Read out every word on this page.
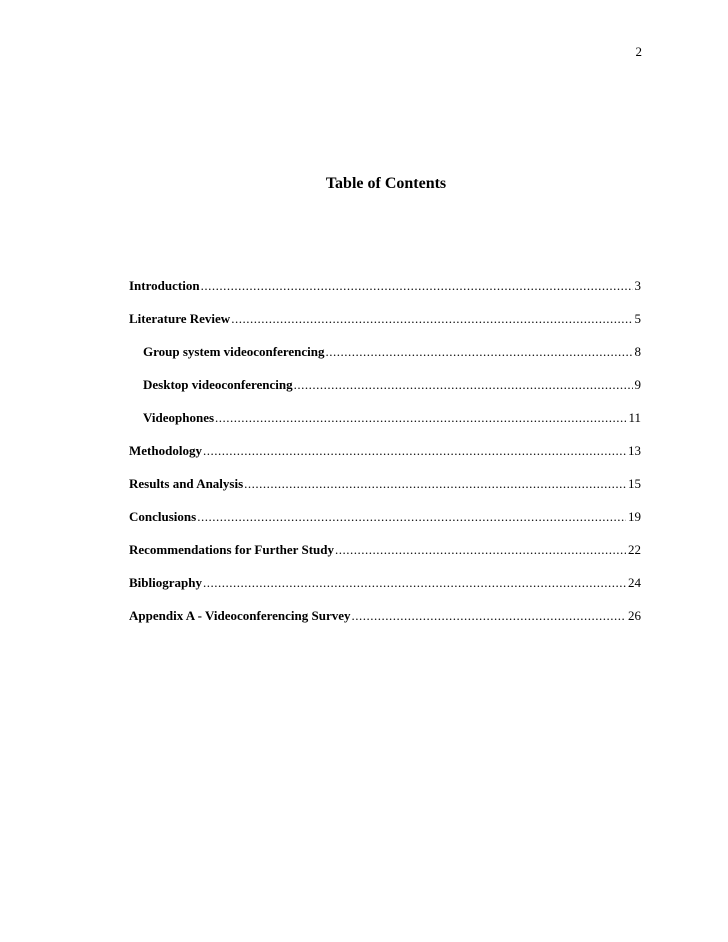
2
Table of Contents
Introduction .....	3
Literature Review .....	5
Group system videoconferencing .....	8
Desktop videoconferencing .....	9
Videophones .....	11
Methodology .....	13
Results and Analysis .....	15
Conclusions .....	19
Recommendations for Further Study .....	22
Bibliography .....	24
Appendix A - Videoconferencing Survey .....	26
